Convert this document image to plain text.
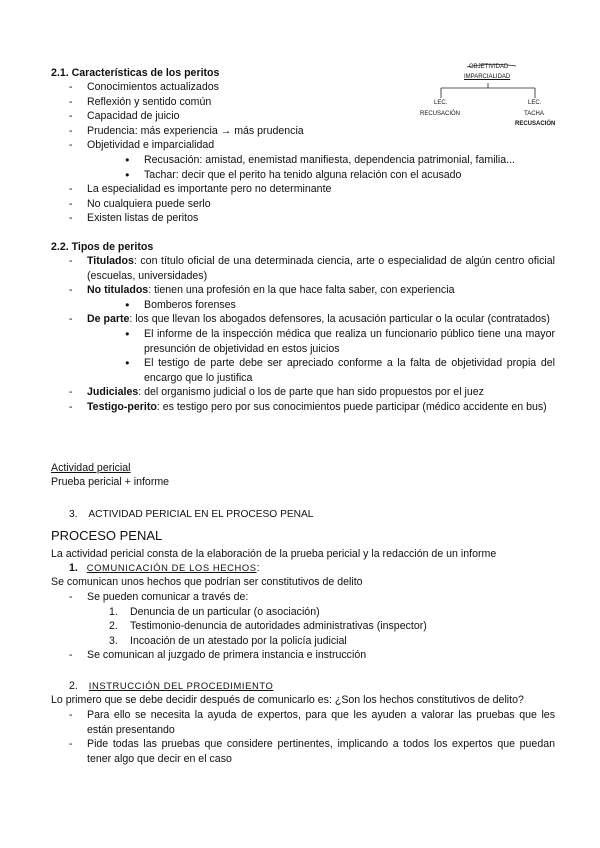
2.1. Características de los peritos
- Conocimientos actualizados
- Reflexión y sentido común
- Capacidad de juicio
- Prudencia: más experiencia → más prudencia
- Objetividad e imparcialidad
● Recusación: amistad, enemistad manifiesta, dependencia patrimonial, familia...
● Tachar: decir que el perito ha tenido alguna relación con el acusado
- La especialidad es importante pero no determinante
- No cualquiera puede serlo
- Existen listas de peritos
OBJETIVIDAD
IMPARCIALIDAD
LEC.
RECUSACIÓN
LEC.
TACHA
RECUSACIÓN
2.2. Tipos de peritos
- Titulados: con título oficial de una determinada ciencia, arte o especialidad de algún centro oficial (escuelas, universidades)
- No titulados: tienen una profesión en la que hace falta saber, con experiencia
● Bomberos forenses
- De parte: los que llevan los abogados defensores, la acusación particular o la ocular (contratados)
● El informe de la inspección médica que realiza un funcionario público tiene una mayor presunción de objetividad en estos juicios
● El testigo de parte debe ser apreciado conforme a la falta de objetividad propia del encargo que lo justifica
- Judiciales: del organismo judicial o los de parte que han sido propuestos por el juez
- Testigo-perito: es testigo pero por sus conocimientos puede participar (médico accidente en bus)
Actividad pericial
Prueba pericial + informe
3. ACTIVIDAD PERICIAL EN EL PROCESO PENAL
PROCESO PENAL
La actividad pericial consta de la elaboración de la prueba pericial y la redacción de un informe
1. COMUNICACIÓN DE LOS HECHOS:
Se comunican unos hechos que podrían ser constitutivos de delito
- Se pueden comunicar a través de:
1. Denuncia de un particular (o asociación)
2. Testimonio-denuncia de autoridades administrativas (inspector)
3. Incoación de un atestado por la policía judicial
- Se comunican al juzgado de primera instancia e instrucción
2. INSTRUCCIÓN DEL PROCEDIMIENTO
Lo primero que se debe decidir después de comunicarlo es: ¿Son los hechos constitutivos de delito?
- Para ello se necesita la ayuda de expertos, para que les ayuden a valorar las pruebas que les están presentando
- Pide todas las pruebas que considere pertinentes, implicando a todos los expertos que puedan tener algo que decir en el caso
